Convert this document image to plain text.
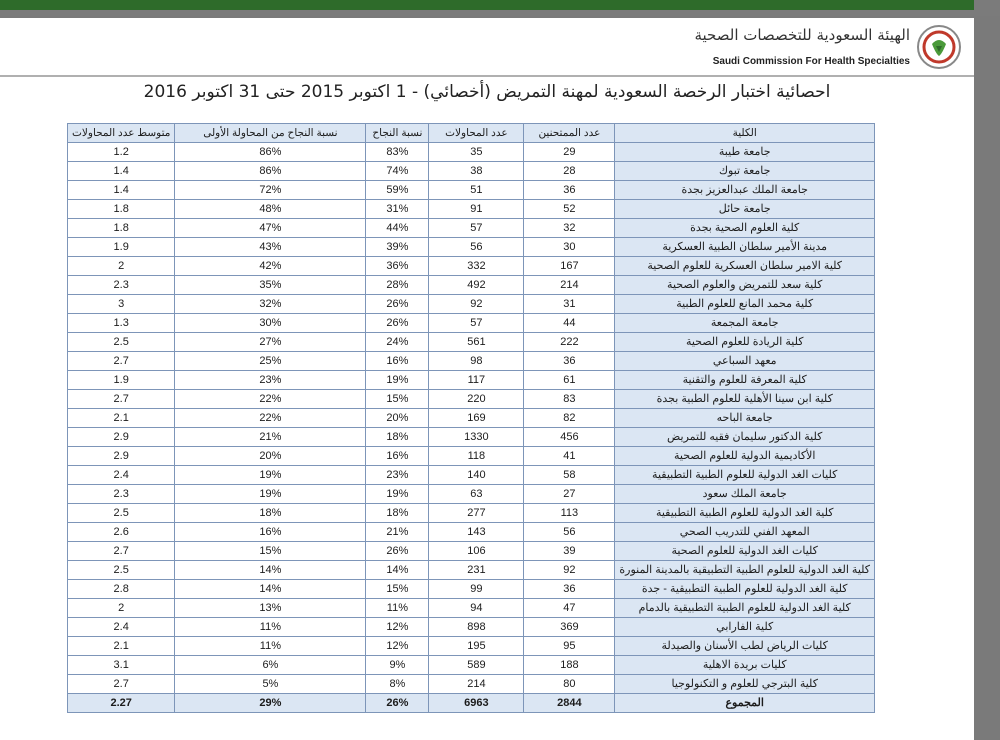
الهيئة السعودية للتخصصات الصحية
Saudi Commission For Health Specialties
احصائية اختبار الرخصة السعودية لمهنة التمريض (أخصائي) - 1 اكتوبر 2015 حتى 31 اكتوبر 2016
الكلية	عدد الممتحنين	عدد المحاولات	نسبة النجاح	نسبة النجاح من المحاولة الأولى	متوسط عدد المحاولات
جامعة طيبة	29	35	83%	86%	1.2
جامعة تبوك	28	38	74%	86%	1.4
جامعة الملك عبدالعزيز بجدة	36	51	59%	72%	1.4
جامعة حائل	52	91	31%	48%	1.8
كلية العلوم الصحية بجدة	32	57	44%	47%	1.8
مدينة الأمير سلطان الطبية العسكرية	30	56	39%	43%	1.9
كلية الامير سلطان العسكرية للعلوم الصحية	167	332	36%	42%	2
كلية سعد للتمريض والعلوم الصحية	214	492	28%	35%	2.3
كلية محمد المانع للعلوم الطبية	31	92	26%	32%	3
جامعة المجمعة	44	57	26%	30%	1.3
كلية الريادة للعلوم الصحية	222	561	24%	27%	2.5
معهد السباعي	36	98	16%	25%	2.7
كلية المعرفة للعلوم والتقنية	61	117	19%	23%	1.9
كلية ابن سينا الأهلية للعلوم الطبية بجدة	83	220	15%	22%	2.7
جامعة الباحه	82	169	20%	22%	2.1
كلية الدكتور سليمان فقيه للتمريض	456	1330	18%	21%	2.9
الأكاديمية الدولية للعلوم الصحية	41	118	16%	20%	2.9
كليات الغد الدولية للعلوم الطبية التطبيقية	58	140	23%	19%	2.4
جامعة الملك سعود	27	63	19%	19%	2.3
كلية الغد الدولية للعلوم الطبية التطبيقية	113	277	18%	18%	2.5
المعهد الفني للتدريب الصحي	56	143	21%	16%	2.6
كليات الغد الدولية للعلوم الصحية	39	106	26%	15%	2.7
كلية الغد الدولية للعلوم الطبية التطبيقية بالمدينة المنورة	92	231	14%	14%	2.5
كلية الغد الدولية للعلوم الطبية التطبيقية - جدة	36	99	15%	14%	2.8
كلية الغد الدولية للعلوم الطبية التطبيقية بالدمام	47	94	11%	13%	2
كلية الفارابي	369	898	12%	11%	2.4
كليات الرياض لطب الأسنان والصيدلة	95	195	12%	11%	2.1
كليات بريدة الاهلية	188	589	9%	6%	3.1
كلية البترجي للعلوم و التكنولوجيا	80	214	8%	5%	2.7
المجموع	2844	6963	26%	29%	2.27
